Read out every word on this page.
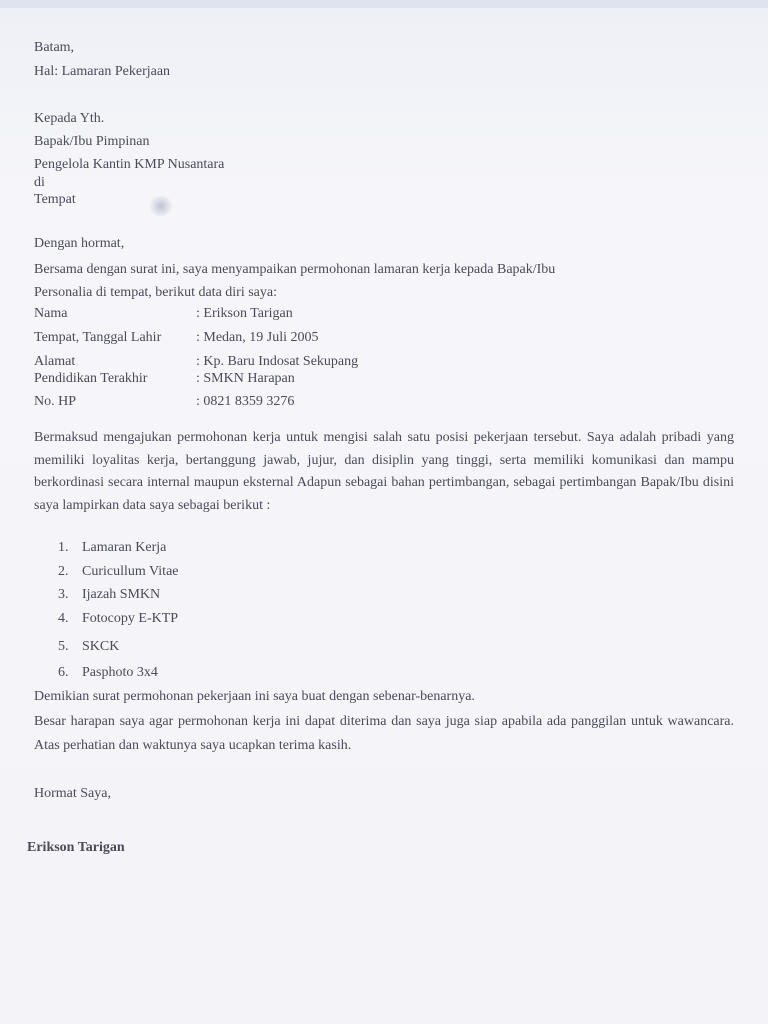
Batam,
Hal: Lamaran Pekerjaan
Kepada Yth.
Bapak/Ibu Pimpinan
Pengelola Kantin KMP Nusantara
di
Tempat
Dengan hormat,
Bersama dengan surat ini, saya menyampaikan permohonan lamaran kerja kepada Bapak/Ibu
Personalia di tempat, berikut data diri saya:
Nama	: Erikson Tarigan
Tempat, Tanggal Lahir : Medan, 19 Juli 2005
Alamat	: Kp. Baru Indosat Sekupang
Pendidikan Terakhir	: SMKN Harapan
No. HP	: 0821 8359 3276
Bermaksud mengajukan permohonan kerja untuk mengisi salah satu posisi pekerjaan tersebut. Saya adalah pribadi yang memiliki loyalitas kerja, bertanggung jawab, jujur, dan disiplin yang tinggi, serta memiliki komunikasi dan mampu berkordinasi secara internal maupun eksternal Adapun sebagai bahan pertimbangan, sebagai pertimbangan Bapak/Ibu disini saya lampirkan data saya sebagai berikut :
1. Lamaran Kerja
2. Curicullum Vitae
3. Ijazah SMKN
4. Fotocopy E-KTP
5. SKCK
6. Pasphoto 3x4
Demikian surat permohonan pekerjaan ini saya buat dengan sebenar-benarnya.
Besar harapan saya agar permohonan kerja ini dapat diterima dan saya juga siap apabila ada panggilan untuk wawancara. Atas perhatian dan waktunya saya ucapkan terima kasih.
Hormat Saya,
Erikson Tarigan
